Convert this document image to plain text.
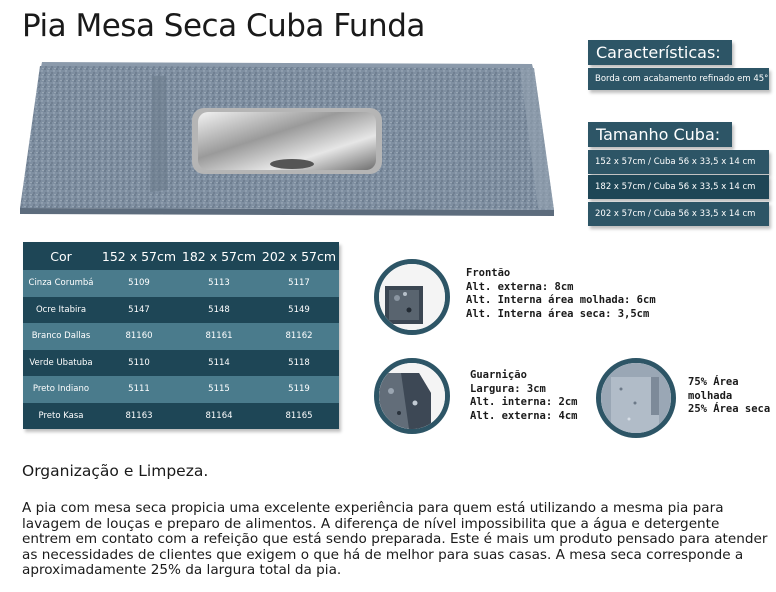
Pia Mesa Seca Cuba Funda
Características:
Borda com acabamento refinado em 45°
Tamanho Cuba:
152 x 57cm / Cuba 56 x 33,5 x 14 cm
182 x 57cm / Cuba 56 x 33,5 x 14 cm
202 x 57cm / Cuba 56 x 33,5 x 14 cm
Cor	152 x 57cm	182 x 57cm	202 x 57cm
Cinza Corumbá	5109	5113	5117
Ocre Itabira	5147	5148	5149
Branco Dallas	81160	81161	81162
Verde Ubatuba	5110	5114	5118
Preto Indiano	5111	5115	5119
Preto Kasa	81163	81164	81165
Frontão
Alt. externa: 8cm
Alt. Interna área molhada: 6cm
Alt. Interna área seca: 3,5cm
Guarnição
Largura: 3cm
Alt. interna: 2cm
Alt. externa: 4cm
75% Área
molhada
25% Área seca
Organização e Limpeza.
A pia com mesa seca propicia uma excelente experiência para quem está utilizando a mesma pia para lavagem de louças e preparo de alimentos. A diferença de nível impossibilita que a água e detergente entrem em contato com a refeição que está sendo preparada. Este é mais um produto pensado para atender as necessidades de clientes que exigem o que há de melhor para suas casas. A mesa seca corresponde a aproximadamente 25% da largura total da pia.
